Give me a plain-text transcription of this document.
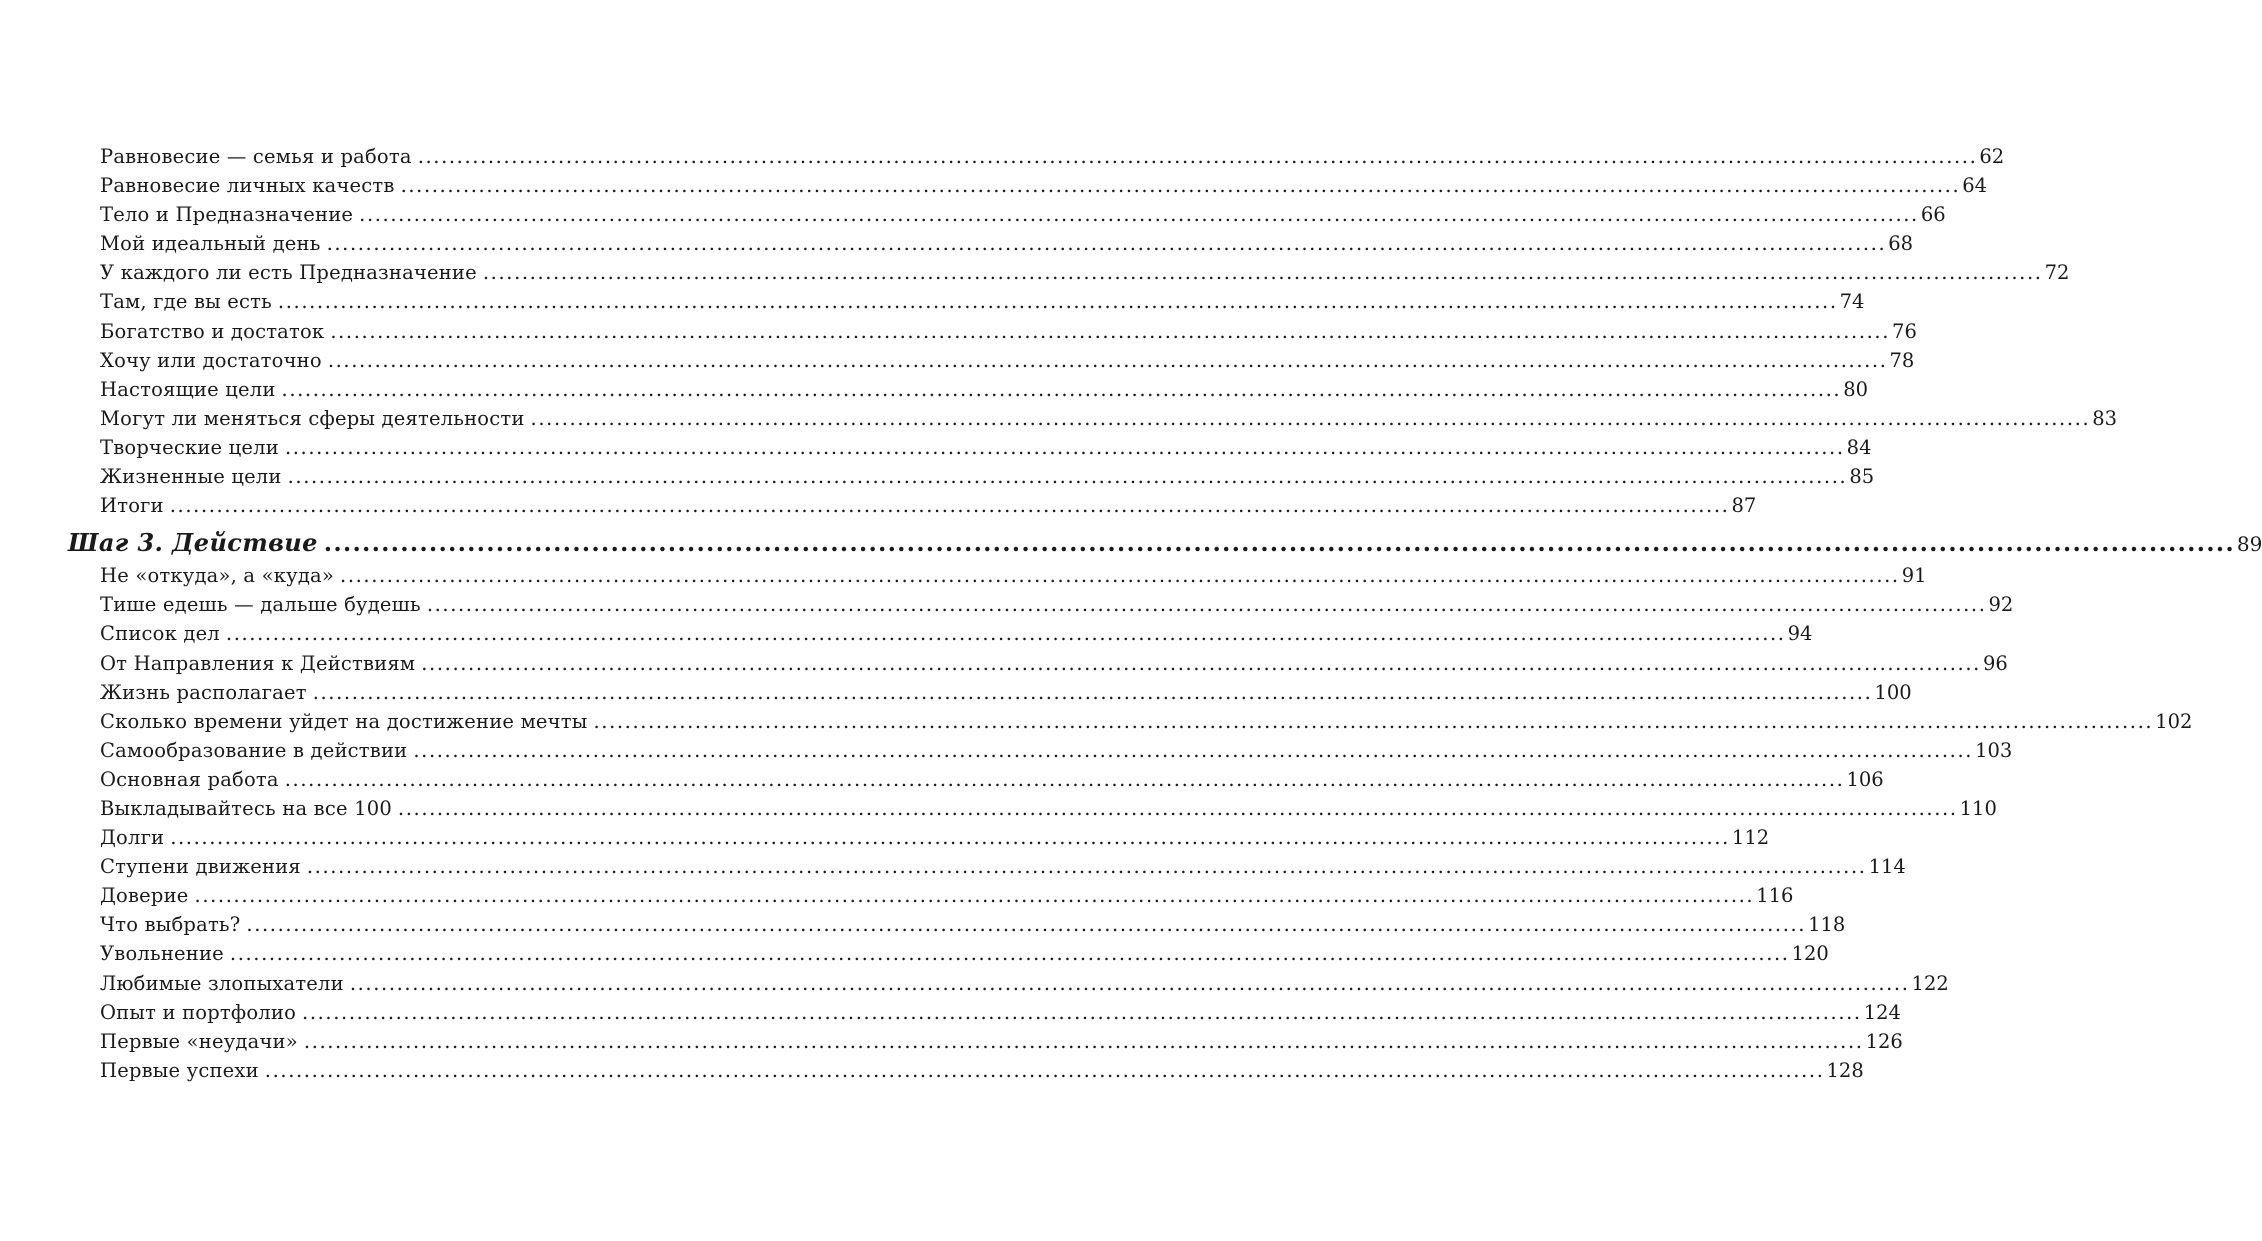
Равновесие — семья и работа ........................................................................................................................................................................................................ 62
Равновесие личных качеств ........................................................................................................................................................................................................ 64
Тело и Предназначение ........................................................................................................................................................................................................ 66
Мой идеальный день ........................................................................................................................................................................................................ 68
У каждого ли есть Предназначение ........................................................................................................................................................................................................ 72
Там, где вы есть ........................................................................................................................................................................................................ 74
Богатство и достаток ........................................................................................................................................................................................................ 76
Хочу или достаточно ........................................................................................................................................................................................................ 78
Настоящие цели ........................................................................................................................................................................................................ 80
Могут ли меняться сферы деятельности ........................................................................................................................................................................................................ 83
Творческие цели ........................................................................................................................................................................................................ 84
Жизненные цели ........................................................................................................................................................................................................ 85
Итоги ........................................................................................................................................................................................................ 87
Шаг 3. Действие ........................................................................................................................................................................................................ 89
Не «откуда», а «куда» ........................................................................................................................................................................................................ 91
Тише едешь — дальше будешь ........................................................................................................................................................................................................ 92
Список дел ........................................................................................................................................................................................................ 94
От Направления к Действиям ........................................................................................................................................................................................................ 96
Жизнь располагает ........................................................................................................................................................................................................ 100
Сколько времени уйдет на достижение мечты ........................................................................................................................................................................................................ 102
Самообразование в действии ........................................................................................................................................................................................................ 103
Основная работа ........................................................................................................................................................................................................ 106
Выкладывайтесь на все 100 ........................................................................................................................................................................................................ 110
Долги ........................................................................................................................................................................................................ 112
Ступени движения ........................................................................................................................................................................................................ 114
Доверие ........................................................................................................................................................................................................ 116
Что выбрать? ........................................................................................................................................................................................................ 118
Увольнение ........................................................................................................................................................................................................ 120
Любимые злопыхатели ........................................................................................................................................................................................................ 122
Опыт и портфолио ........................................................................................................................................................................................................ 124
Первые «неудачи» ........................................................................................................................................................................................................ 126
Первые успехи ........................................................................................................................................................................................................ 128
